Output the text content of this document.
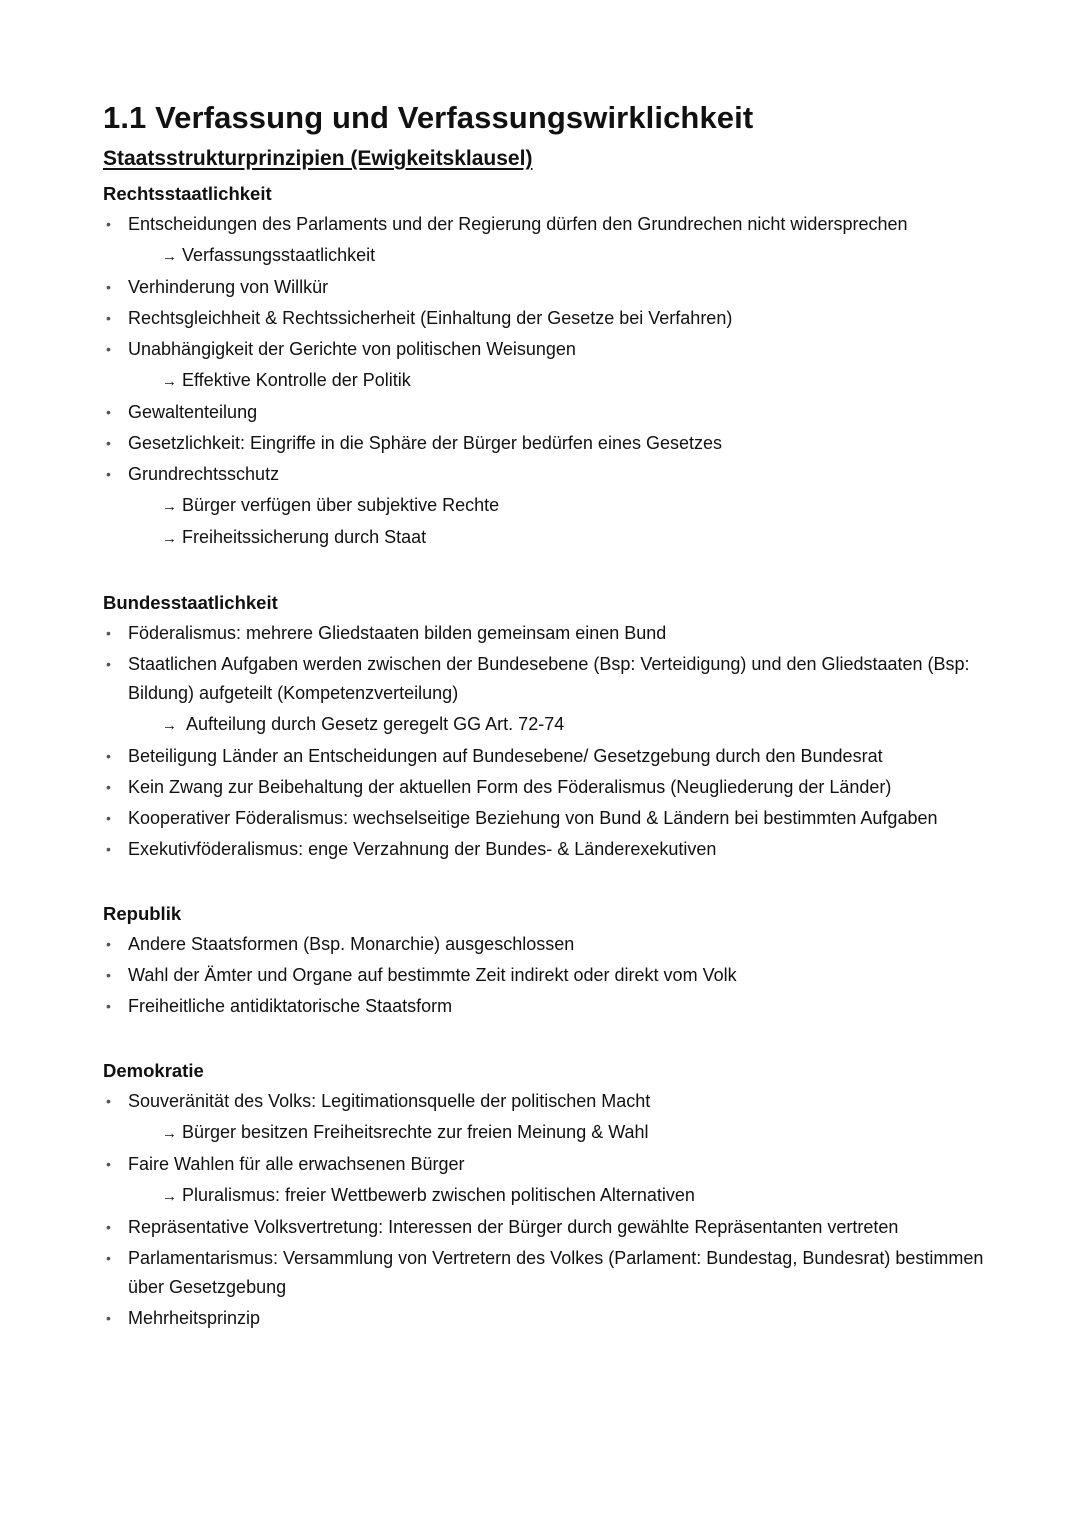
1.1 Verfassung und Verfassungswirklichkeit
Staatsstrukturprinzipien (Ewigkeitsklausel)
Rechtsstaatlichkeit
• Entscheidungen des Parlaments und der Regierung dürfen den Grundrechen nicht widersprechen
→ Verfassungsstaatlichkeit
• Verhinderung von Willkür
• Rechtsgleichheit & Rechtssicherheit (Einhaltung der Gesetze bei Verfahren)
• Unabhängigkeit der Gerichte von politischen Weisungen
→ Effektive Kontrolle der Politik
• Gewaltenteilung
• Gesetzlichkeit: Eingriffe in die Sphäre der Bürger bedürfen eines Gesetzes
• Grundrechtsschutz
→ Bürger verfügen über subjektive Rechte
→ Freiheitssicherung durch Staat
Bundesstaatlichkeit
• Föderalismus: mehrere Gliedstaaten bilden gemeinsam einen Bund
• Staatlichen Aufgaben werden zwischen der Bundesebene (Bsp: Verteidigung) und den Gliedstaaten (Bsp: Bildung) aufgeteilt (Kompetenzverteilung)
→ Aufteilung durch Gesetz geregelt GG Art. 72-74
• Beteiligung Länder an Entscheidungen auf Bundesebene/ Gesetzgebung durch den Bundesrat
• Kein Zwang zur Beibehaltung der aktuellen Form des Föderalismus (Neugliederung der Länder)
• Kooperativer Föderalismus: wechselseitige Beziehung von Bund & Ländern bei bestimmten Aufgaben
• Exekutivföderalismus: enge Verzahnung der Bundes- & Länderexekutiven
Republik
• Andere Staatsformen (Bsp. Monarchie) ausgeschlossen
• Wahl der Ämter und Organe auf bestimmte Zeit indirekt oder direkt vom Volk
• Freiheitliche antidiktatorische Staatsform
Demokratie
• Souveränität des Volks: Legitimationsquelle der politischen Macht
→ Bürger besitzen Freiheitsrechte zur freien Meinung & Wahl
• Faire Wahlen für alle erwachsenen Bürger
→ Pluralismus: freier Wettbewerb zwischen politischen Alternativen
• Repräsentative Volksvertretung: Interessen der Bürger durch gewählte Repräsentanten vertreten
• Parlamentarismus: Versammlung von Vertretern des Volkes (Parlament: Bundestag, Bundesrat) bestimmen über Gesetzgebung
• Mehrheitsprinzip
